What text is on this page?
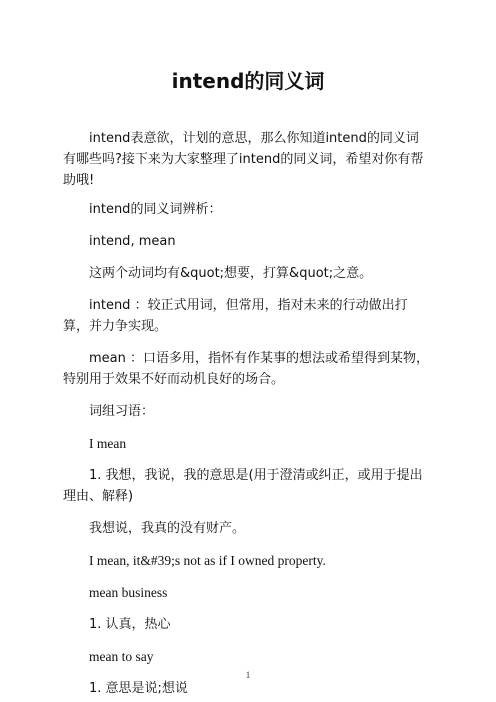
intend的同义词

intend表意欲，计划的意思，那么你知道intend的同义词有哪些吗?接下来为大家整理了intend的同义词，希望对你有帮助哦!

intend的同义词辨析：

intend, mean

这两个动词均有&quot;想要，打算&quot;之意。

intend ：较正式用词，但常用，指对未来的行动做出打算，并力争实现。

mean ：口语多用，指怀有作某事的想法或希望得到某物，特别用于效果不好而动机良好的场合。

词组习语：

I mean

1. 我想，我说，我的意思是(用于澄清或纠正，或用于提出理由、解释)

我想说，我真的没有财产。

I mean, it&#39;s not as if I owned property.

mean business

1. 认真，热心

mean to say

1. 意思是说;想说

1
